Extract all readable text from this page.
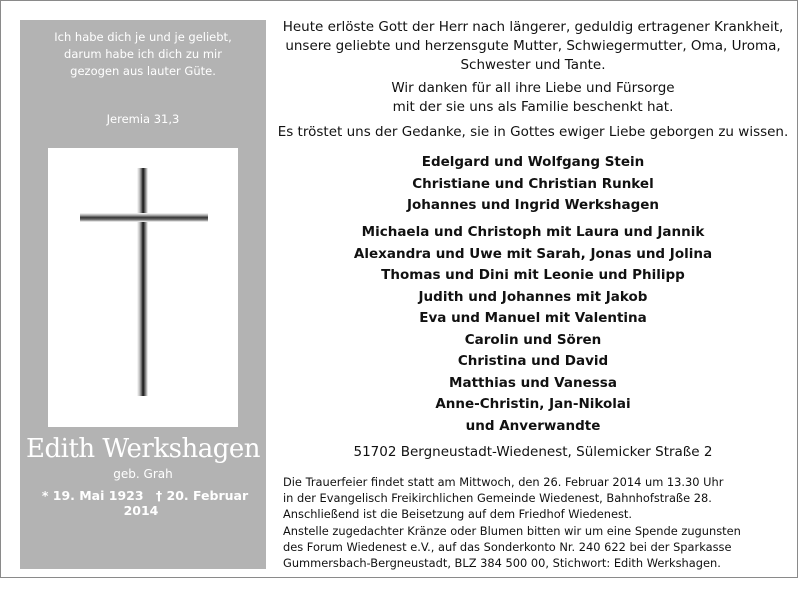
Ich habe dich je und je geliebt,
darum habe ich dich zu mir
gezogen aus lauter Güte.
Jeremia 31,3
Edith Werkshagen
geb. Grah
* 19. Mai 1923 † 20. Februar 2014
Heute erlöste Gott der Herr nach längerer, geduldig ertragener Krankheit,
unsere geliebte und herzensgute Mutter, Schwiegermutter, Oma, Uroma,
Schwester und Tante.
Wir danken für all ihre Liebe und Fürsorge
mit der sie uns als Familie beschenkt hat.
Es tröstet uns der Gedanke, sie in Gottes ewiger Liebe geborgen zu wissen.
Edelgard und Wolfgang Stein
Christiane und Christian Runkel
Johannes und Ingrid Werkshagen
Michaela und Christoph mit Laura und Jannik
Alexandra und Uwe mit Sarah, Jonas und Jolina
Thomas und Dini mit Leonie und Philipp
Judith und Johannes mit Jakob
Eva und Manuel mit Valentina
Carolin und Sören
Christina und David
Matthias und Vanessa
Anne-Christin, Jan-Nikolai
und Anverwandte
51702 Bergneustadt-Wiedenest, Sülemicker Straße 2
Die Trauerfeier findet statt am Mittwoch, den 26. Februar 2014 um 13.30 Uhr
in der Evangelisch Freikirchlichen Gemeinde Wiedenest, Bahnhofstraße 28.
Anschließend ist die Beisetzung auf dem Friedhof Wiedenest.
Anstelle zugedachter Kränze oder Blumen bitten wir um eine Spende zugunsten
des Forum Wiedenest e.V., auf das Sonderkonto Nr. 240 622 bei der Sparkasse
Gummersbach-Bergneustadt, BLZ 384 500 00, Stichwort: Edith Werkshagen.
